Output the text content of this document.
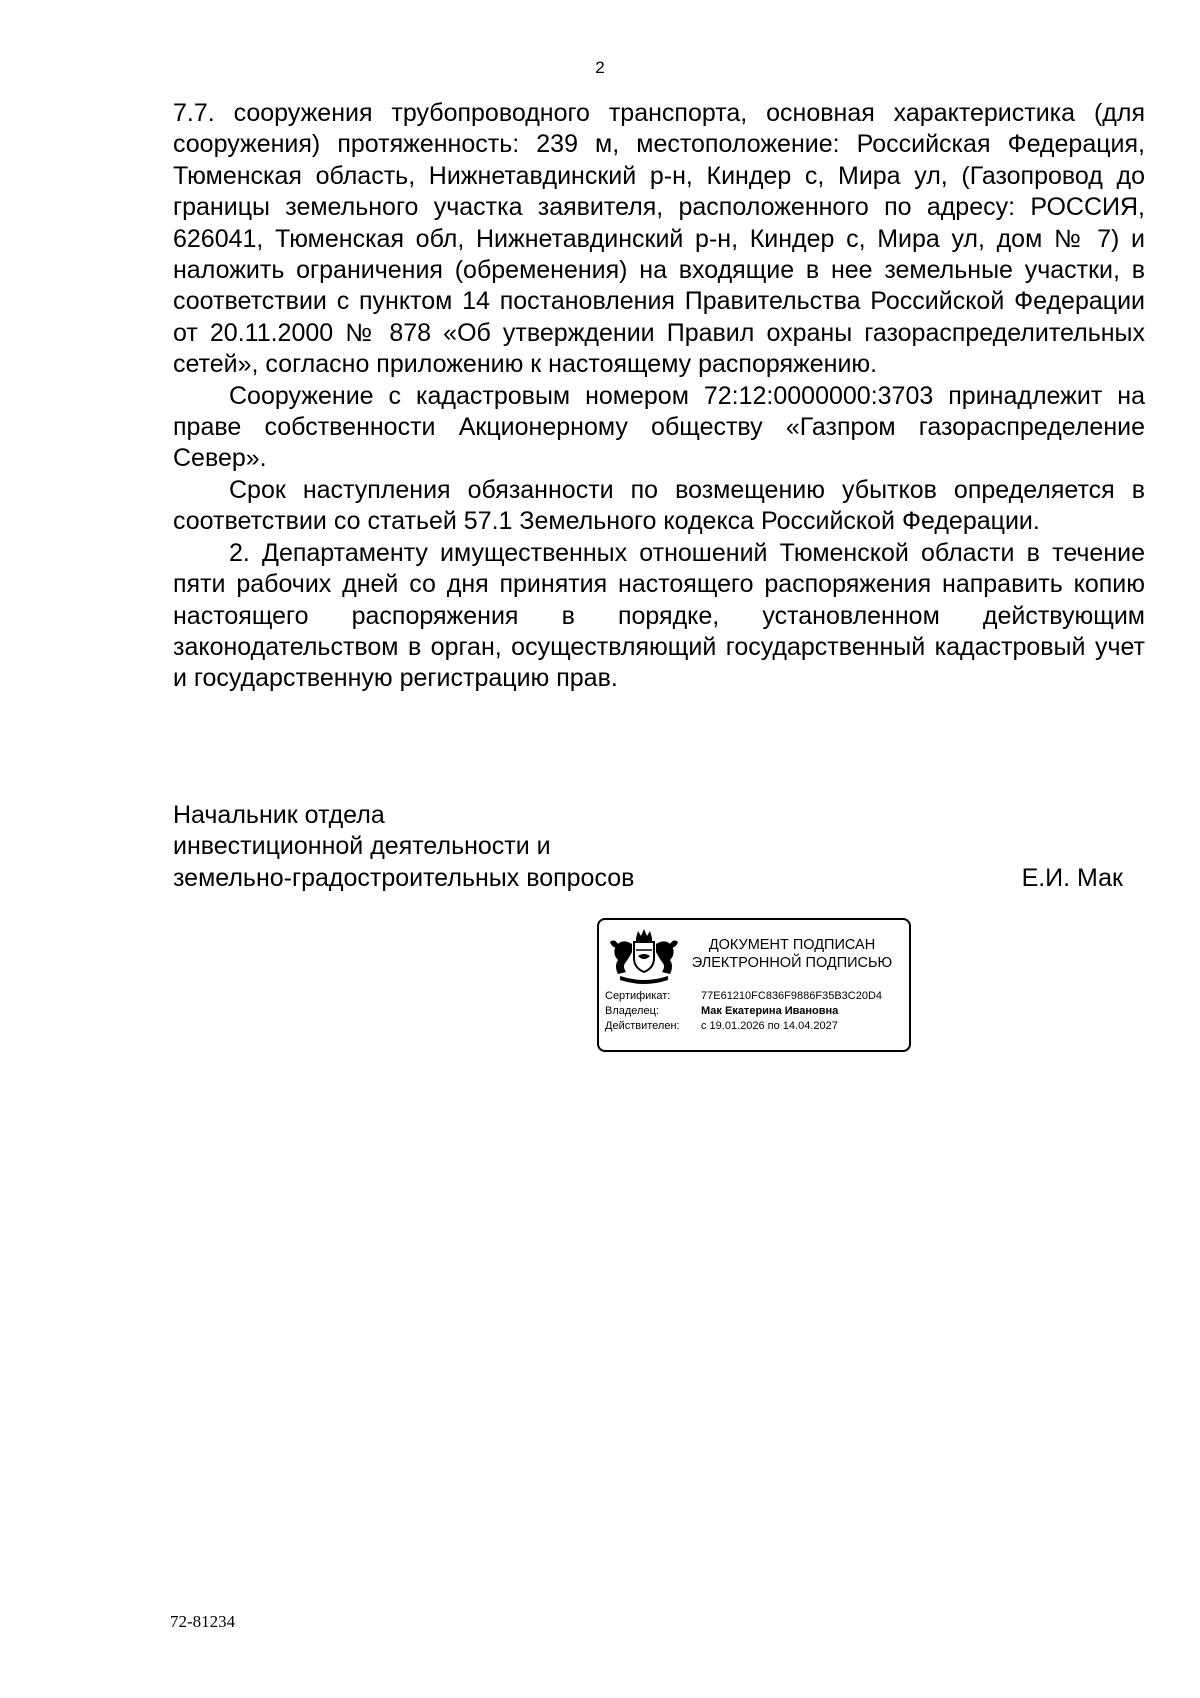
2

7.7. сооружения трубопроводного транспорта, основная характеристика (для сооружения) протяженность: 239 м, местоположение: Российская Федерация, Тюменская область, Нижнетавдинский р-н, Киндер с, Мира ул, (Газопровод до границы земельного участка заявителя, расположенного по адресу: РОССИЯ, 626041, Тюменская обл, Нижнетавдинский р-н, Киндер с, Мира ул, дом № 7) и наложить ограничения (обременения) на входящие в нее земельные участки, в соответствии с пунктом 14 постановления Правительства Российской Федерации от 20.11.2000 № 878 «Об утверждении Правил охраны газораспределительных сетей», согласно приложению к настоящему распоряжению.

Сооружение с кадастровым номером 72:12:0000000:3703 принадлежит на праве собственности Акционерному обществу «Газпром газораспределение Север».

Срок наступления обязанности по возмещению убытков определяется в соответствии со статьей 57.1 Земельного кодекса Российской Федерации.

2. Департаменту имущественных отношений Тюменской области в течение пяти рабочих дней со дня принятия настоящего распоряжения направить копию настоящего распоряжения в порядке, установленном действующим законодательством в орган, осуществляющий государственный кадастровый учет и государственную регистрацию прав.

Начальник отдела
инвестиционной деятельности и
земельно-градостроительных вопросов	Е.И. Мак
ДОКУМЕНТ ПОДПИСАН
ЭЛЕКТРОННОЙ ПОДПИСЬЮ
Сертификат:	77E61210FC836F9886F35B3C20D4
Владелец:	Мак Екатерина Ивановна
Действителен:	с 19.01.2026 по 14.04.2027
72-81234
